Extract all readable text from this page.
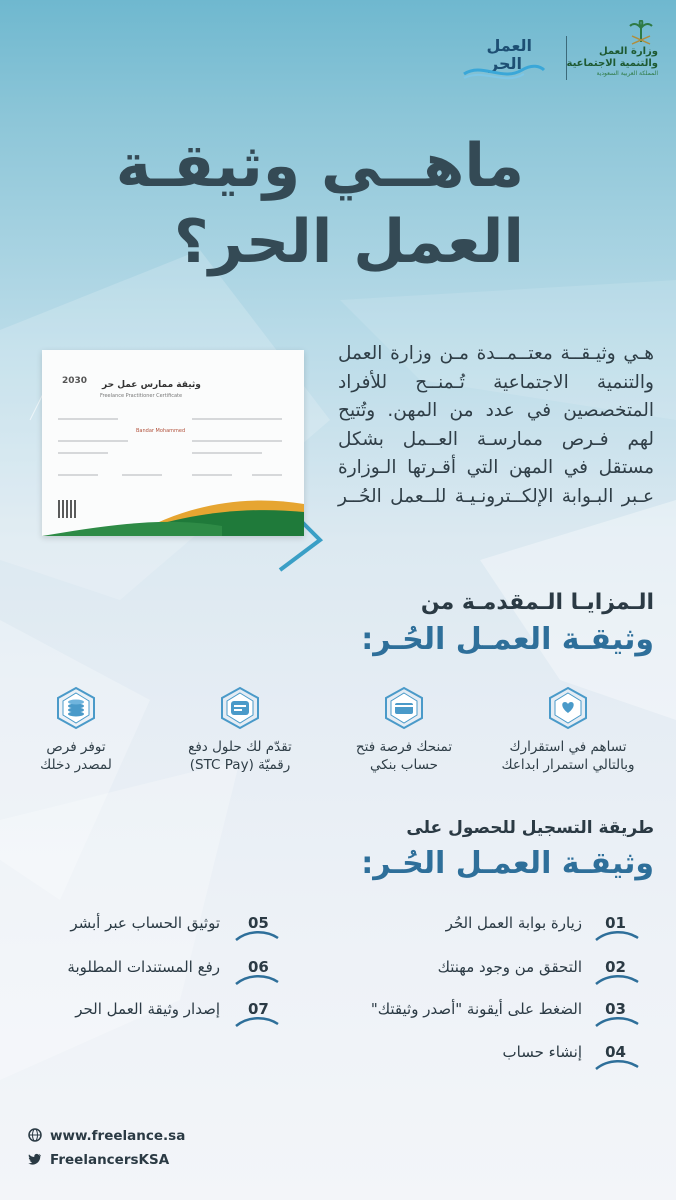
العمل
الحر
وزارة العمل
والتنمية الاجتماعية
المملكة العربية السعودية
ماهــي وثيقـة
العمل الحر؟
2030 وثيقة ممارس عمل حر
Freelance Practitioner Certificate
Bandar Mohammed

هـي وثيـقــة معتــمــدة مـن وزارة العمل والتنمية الاجتماعية تُـمنــح للأفراد المتخصصين في عدد من المهن. وتُتيح لهم فـرص ممارسـة العــمل بشكل مستقل في المهن التي أقـرتها الـوزارة عـبر البـوابة الإلكــترونـيـة للــعمل الحُــر

الـمزايـا الـمقدمـة من
وثيقـة العمـل الحُـر:
تساهم في استقرارك
وبالتالي استمرار ابداعك
تمنحك فرصة فتح
حساب بنكي
تقدّم لك حلول دفع
رقميّة (STC Pay)
توفر فرص
لمصدر دخلك
طريقة التسجيل للحصول على
وثيقـة العمـل الحُـر:
01
زيارة بوابة العمل الحُر
02
التحقق من وجود مهنتك
03
الضغط على أيقونة "أصدر وثيقتك"
04
إنشاء حساب
05
توثيق الحساب عبر أبشر
06
رفع المستندات المطلوبة
07
إصدار وثيقة العمل الحر
www.freelance.sa
FreelancersKSA
